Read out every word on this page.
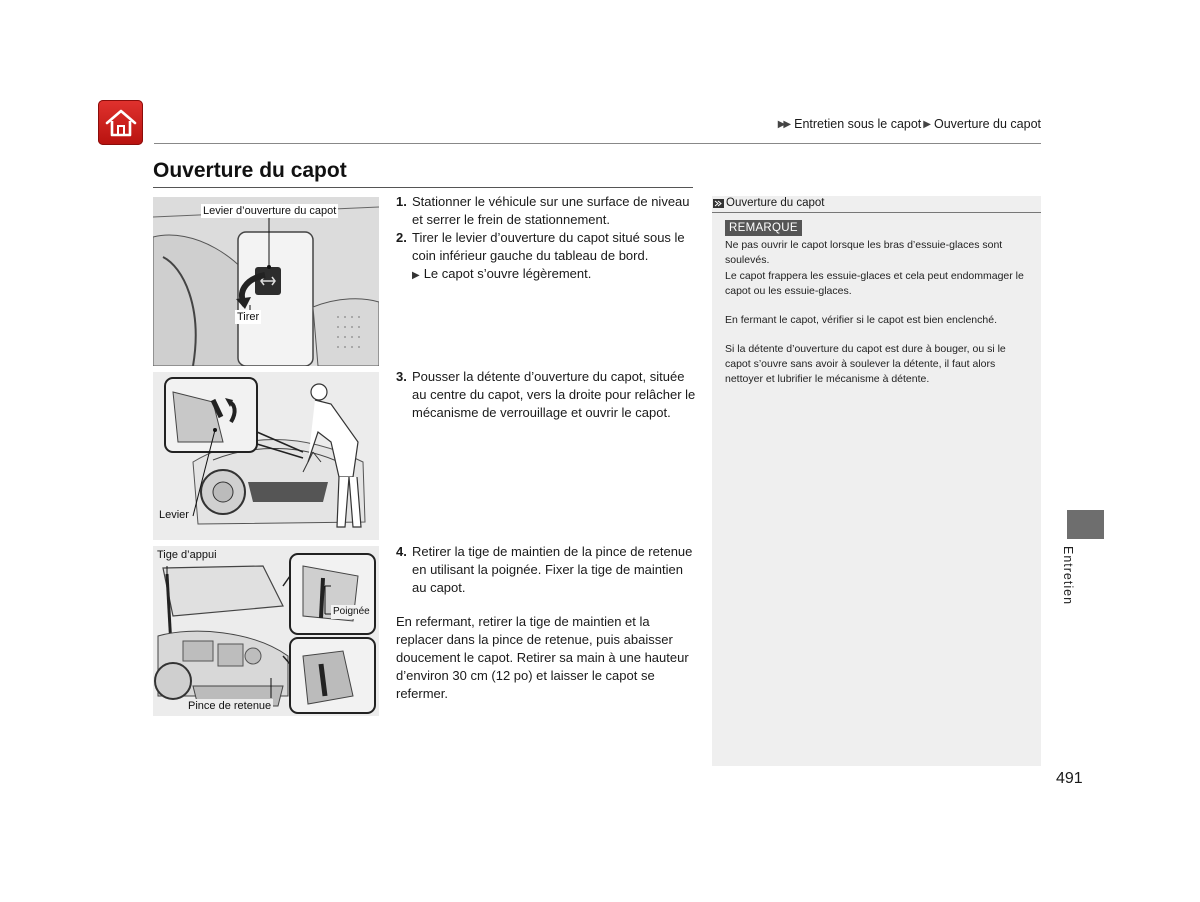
▶▶ Entretien sous le capot ▶ Ouverture du capot
Ouverture du capot
Levier d’ouverture du capot
Tirer
Levier
Tige d’appui
Poignée
Pince de retenue
1. Stationner le véhicule sur une surface de niveau et serrer le frein de stationnement.
2. Tirer le levier d’ouverture du capot situé sous le coin inférieur gauche du tableau de bord.
▶ Le capot s’ouvre légèrement.
3. Pousser la détente d’ouverture du capot, située au centre du capot, vers la droite pour relâcher le mécanisme de verrouillage et ouvrir le capot.
4. Retirer la tige de maintien de la pince de retenue en utilisant la poignée. Fixer la tige de maintien au capot.
En refermant, retirer la tige de maintien et la replacer dans la pince de retenue, puis abaisser doucement le capot. Retirer sa main à une hauteur d’environ 30 cm (12 po) et laisser le capot se refermer.
Ouverture du capot
REMARQUE
Ne pas ouvrir le capot lorsque les bras d’essuie-glaces sont soulevés.
Le capot frappera les essuie-glaces et cela peut endommager le capot ou les essuie-glaces.
En fermant le capot, vérifier si le capot est bien enclenché.
Si la détente d’ouverture du capot est dure à bouger, ou si le capot s’ouvre sans avoir à soulever la détente, il faut alors nettoyer et lubrifier le mécanisme à détente.
Entretien
491
